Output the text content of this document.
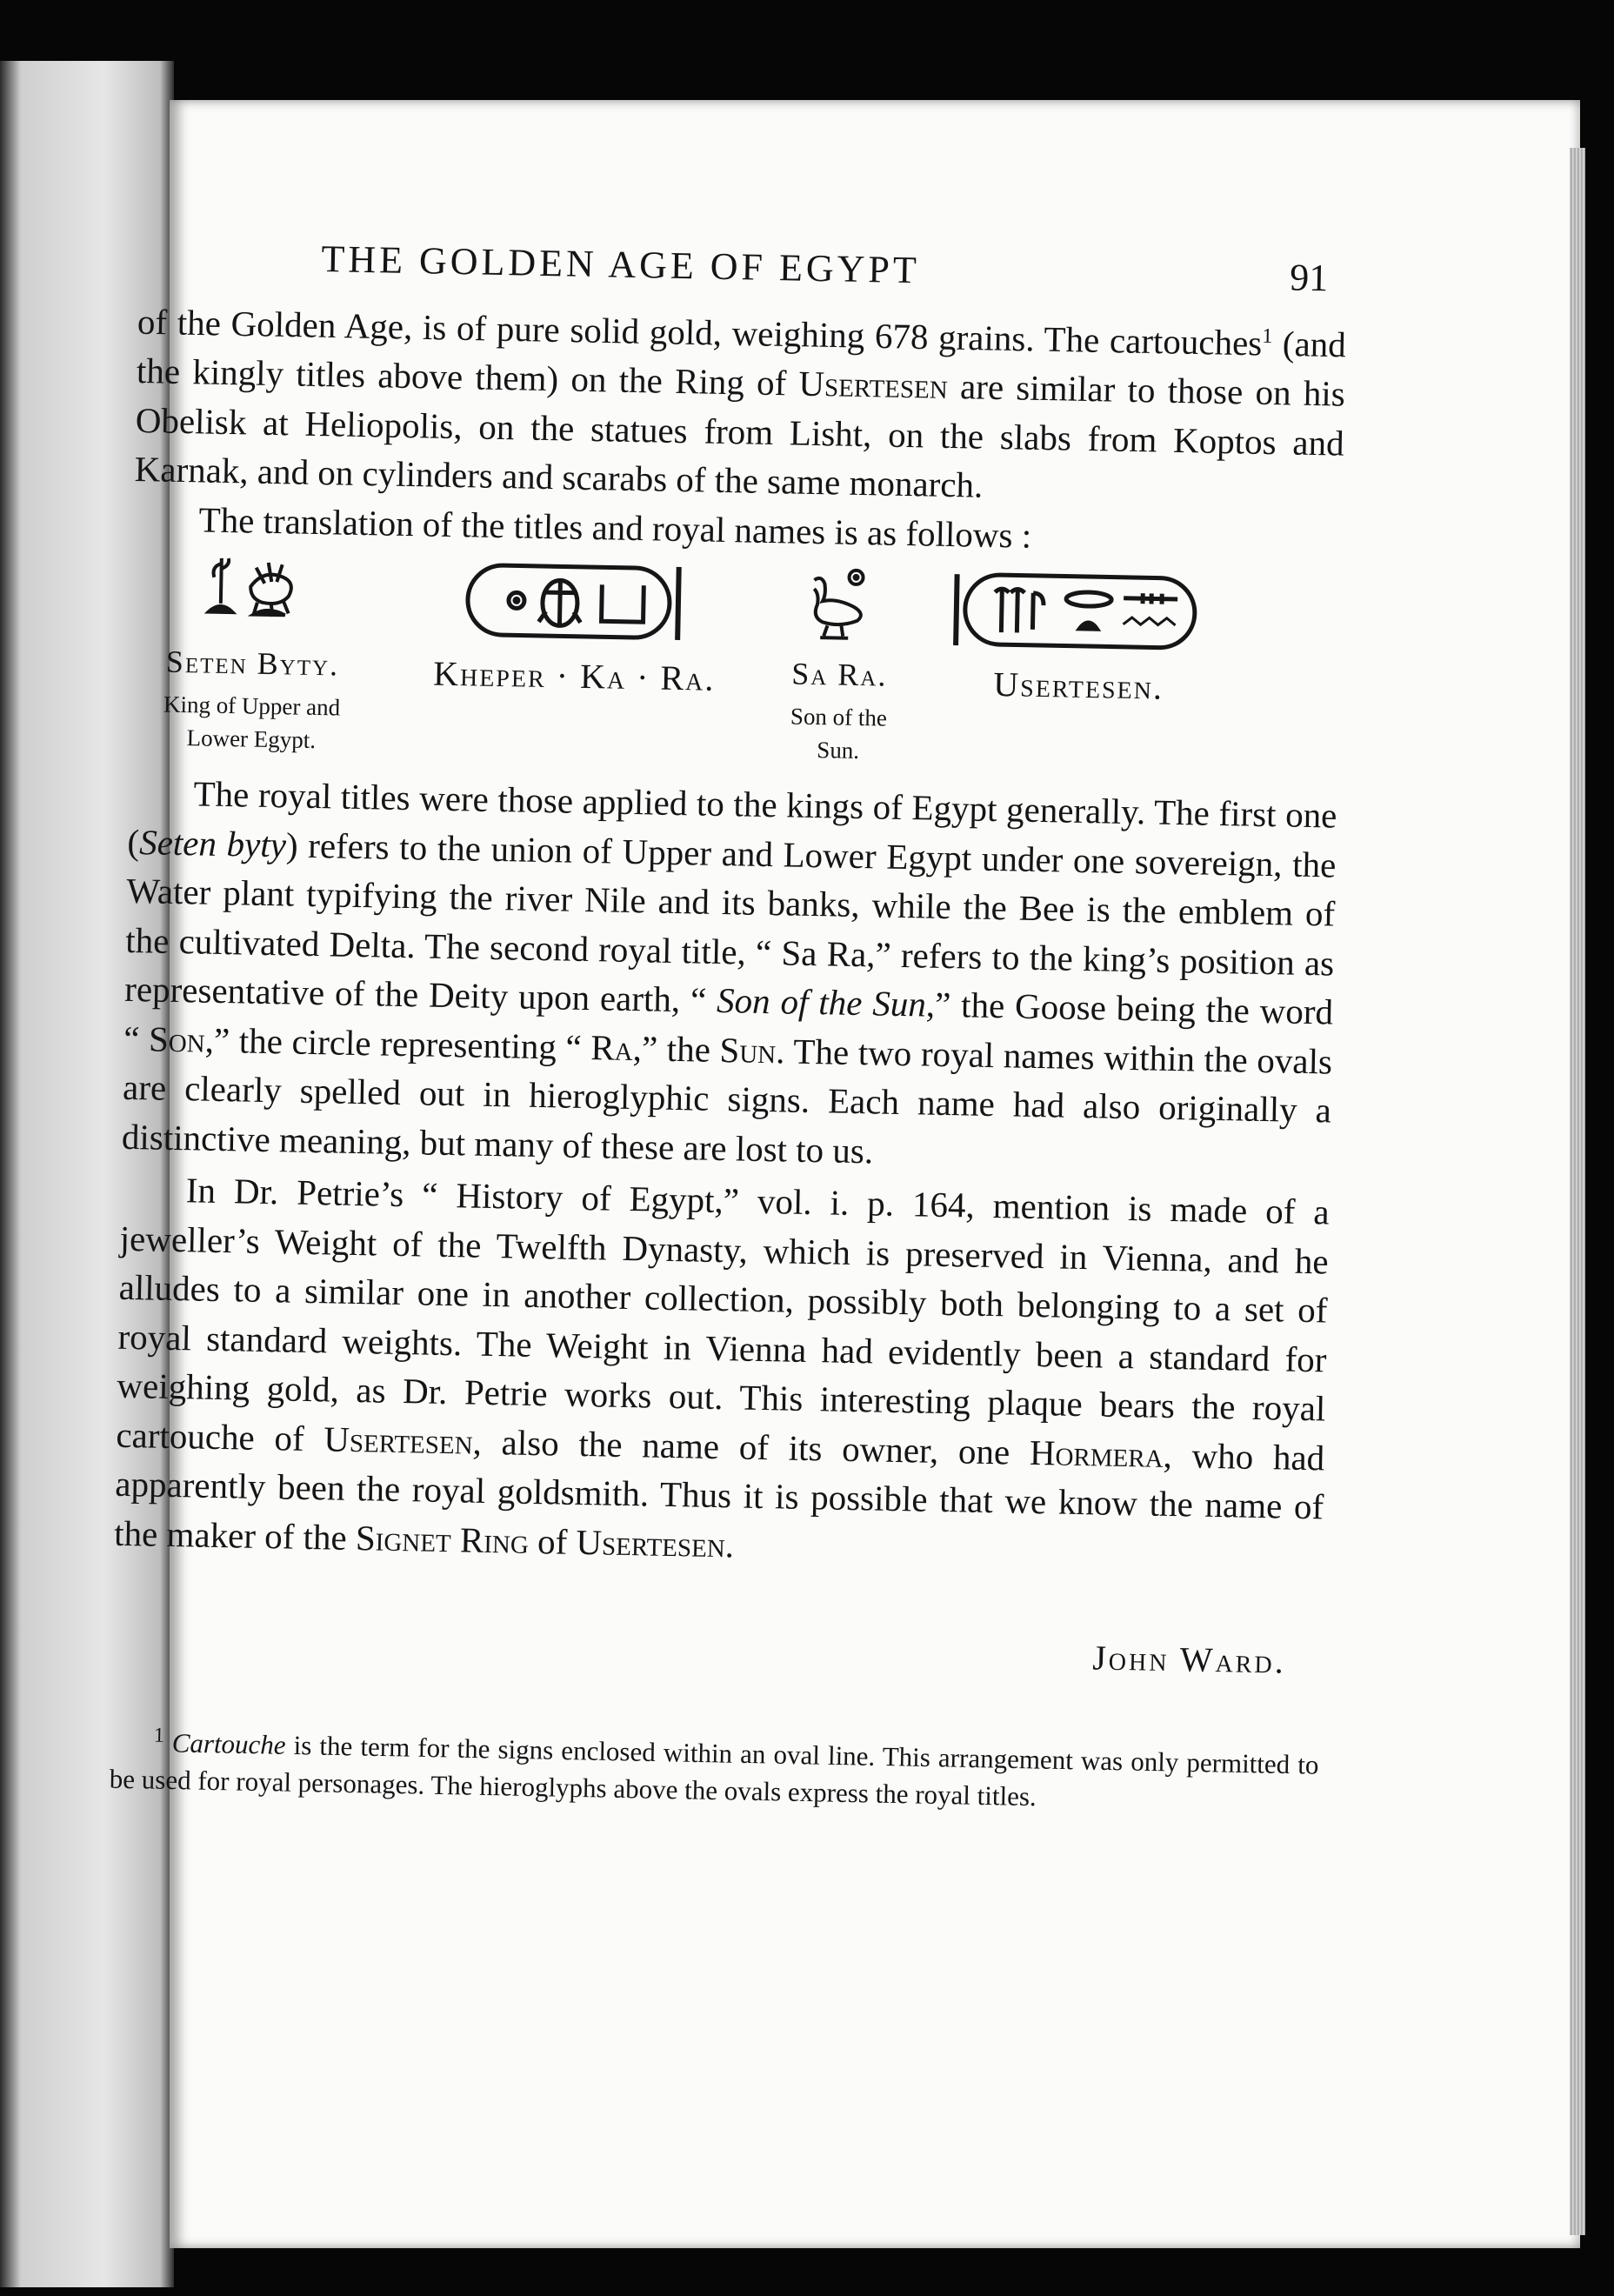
THE GOLDEN AGE OF EGYPT	91

of the Golden Age, is of pure solid gold, weighing 678 grains. The cartouches$^1$ (and the kingly titles above them) on the Ring of Usertesen are similar to those on his Obelisk at Heliopolis, on the statues from Lisht, on the slabs from Koptos and Karnak, and on cylinders and scarabs of the same monarch.

The translation of the titles and royal names is as follows :

Seten Byty.
King of Upper and
Lower Egypt.
Kheper · Ka · Ra.	Sa Ra.
Son of the
Sun.
Usertesen.

The royal titles were those applied to the kings of Egypt generally. The first one (Seten byty) refers to the union of Upper and Lower Egypt under one sovereign, the Water plant typifying the river Nile and its banks, while the Bee is the emblem of the cultivated Delta. The second royal title, “ Sa Ra,” refers to the king’s position as representative of the Deity upon earth, “ Son of the Sun,” the Goose being the word “ Son,” the circle representing “ Ra,” the Sun. The two royal names within the ovals are clearly spelled out in hieroglyphic signs. Each name had also originally a distinctive meaning, but many of these are lost to us.

In Dr. Petrie’s “ History of Egypt,” vol. i. p. 164, mention is made of a jeweller’s Weight of the Twelfth Dynasty, which is preserved in Vienna, and he alludes to a similar one in another collection, possibly both belonging to a set of royal standard weights. The Weight in Vienna had evidently been a standard for weighing gold, as Dr. Petrie works out. This interesting plaque bears the royal cartouche of Usertesen, also the name of its owner, one Hormera, who had apparently been the royal goldsmith. Thus it is possible that we know the name of the maker of the Signet Ring of Usertesen.

John Ward.
$^1$ Cartouche is the term for the signs enclosed within an oval line. This arrangement was only permitted to be used for royal personages. The hieroglyphs above the ovals express the royal titles.
